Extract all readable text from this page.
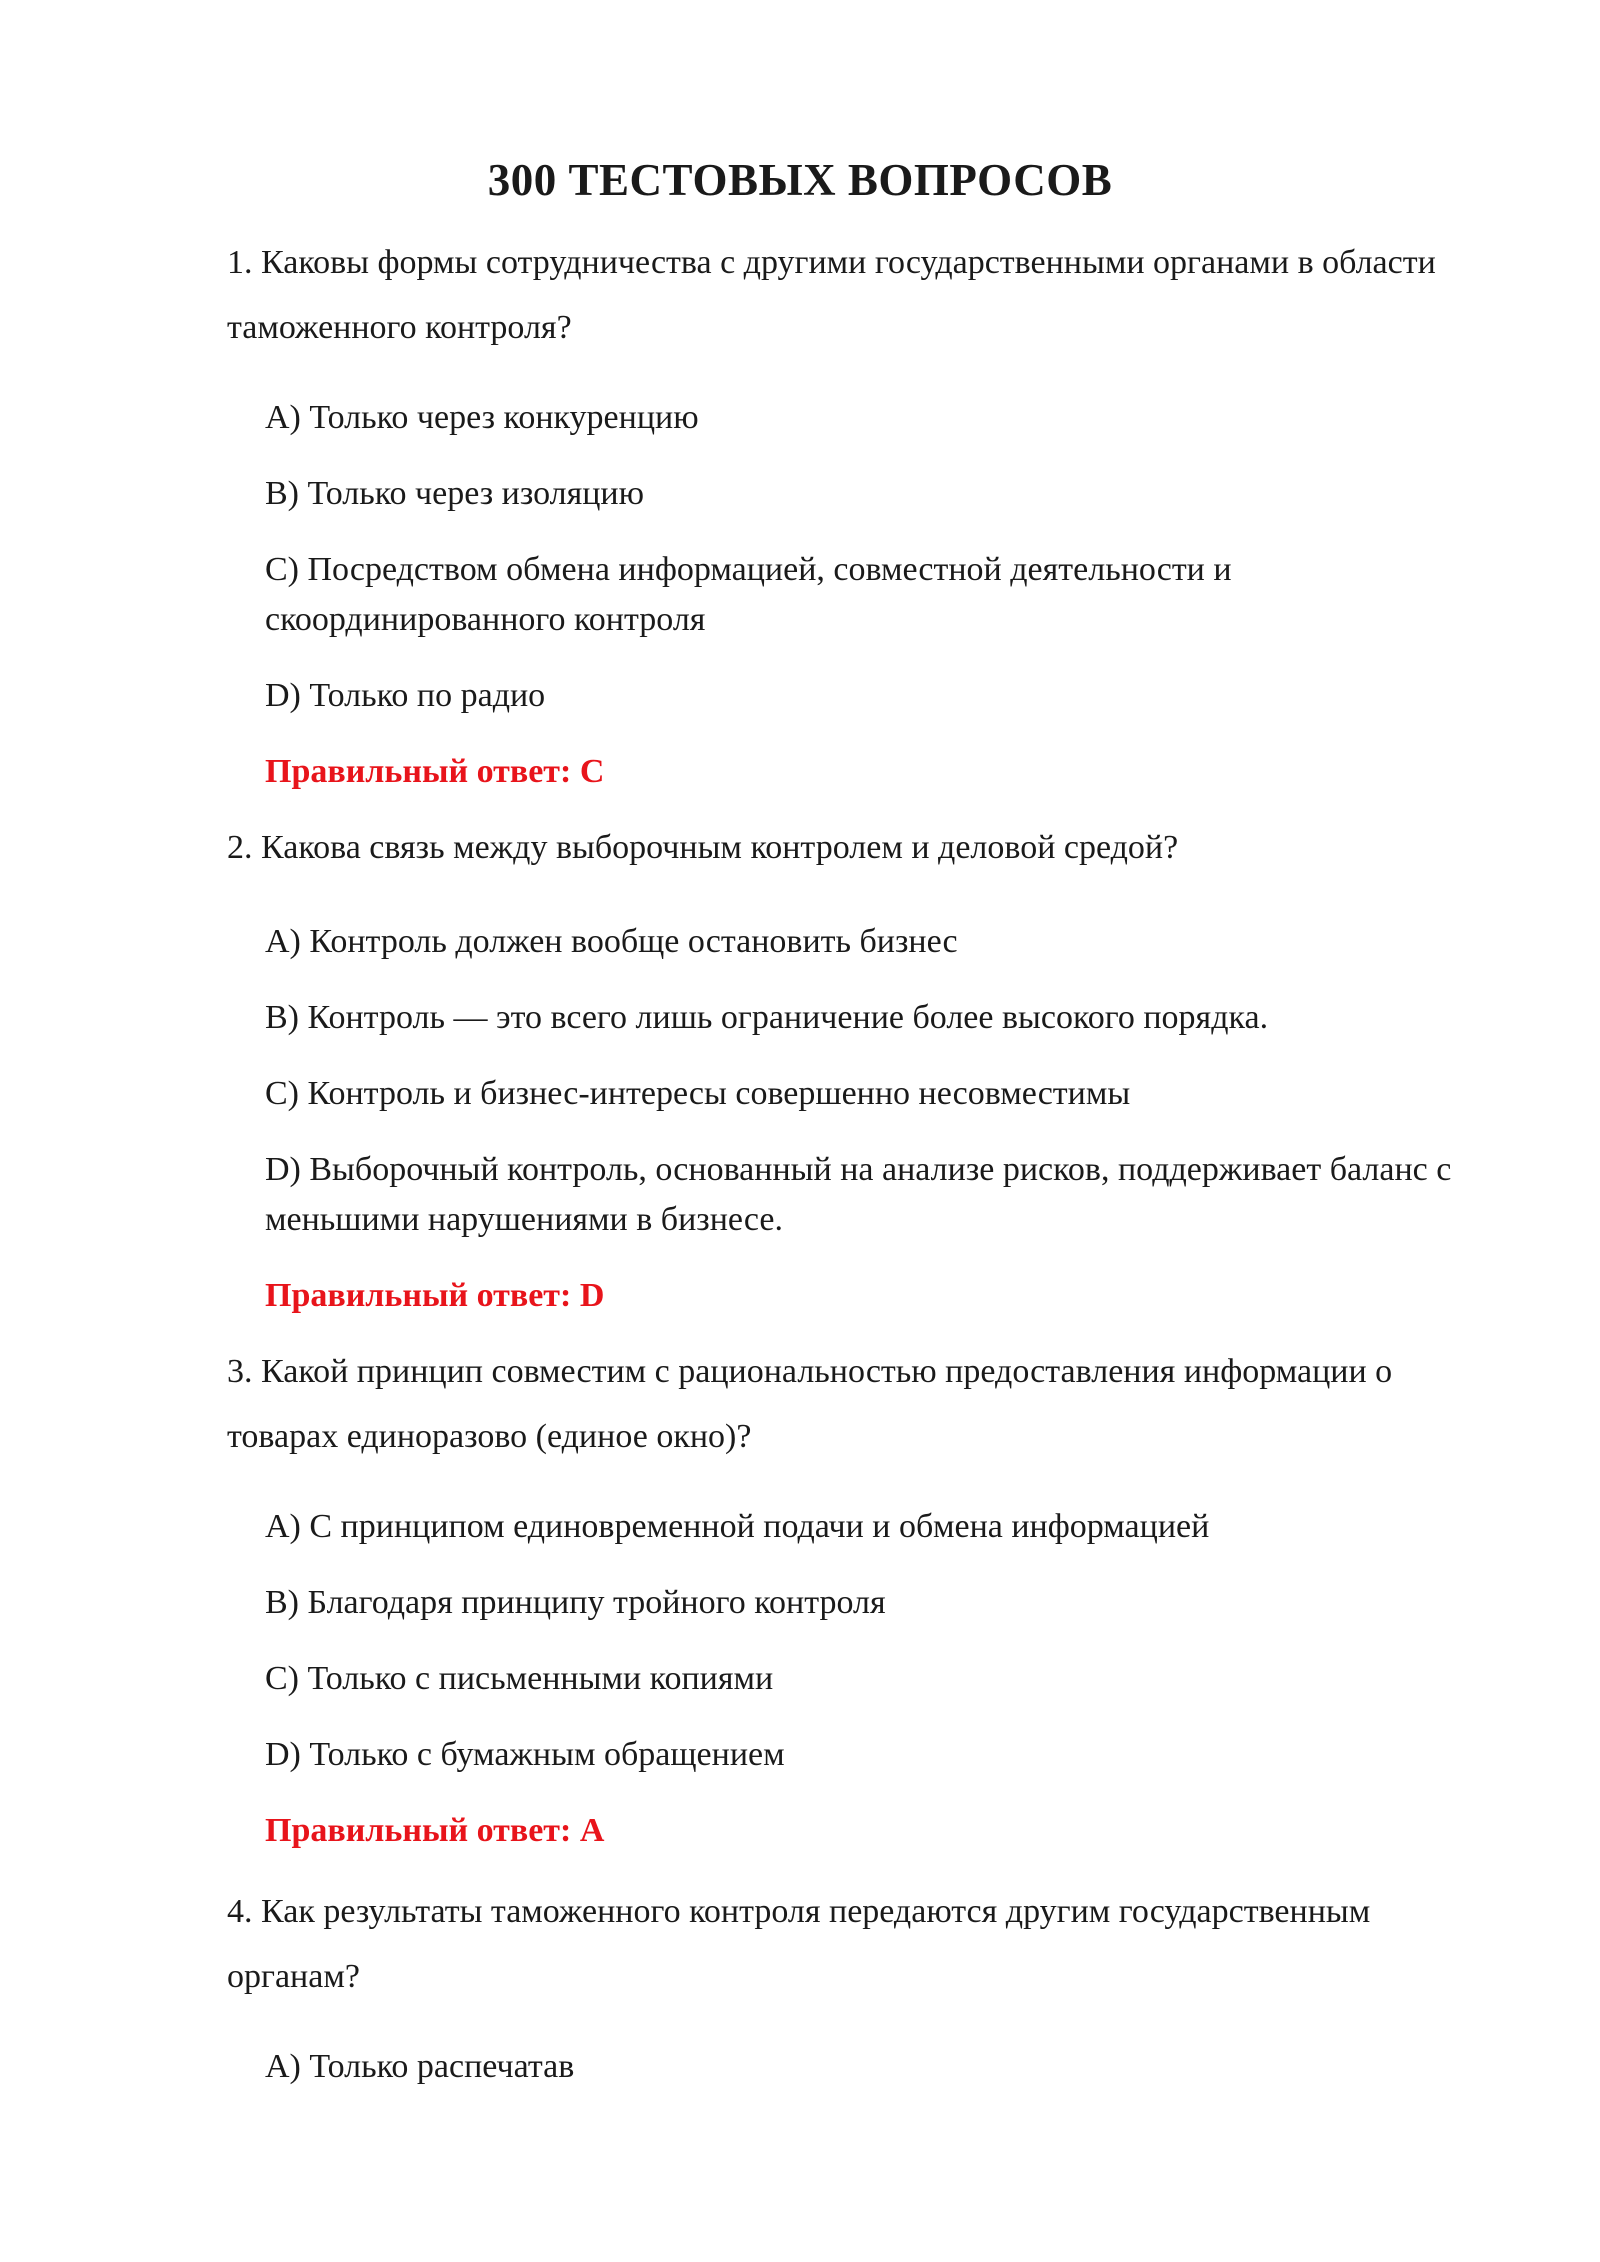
300 ТЕСТОВЫХ ВОПРОСОВ

1. Каковы формы сотрудничества с другими государственными органами в области таможенного контроля?

A) Только через конкуренцию

B) Только через изоляцию

C) Посредством обмена информацией, совместной деятельности и скоординированного контроля

D) Только по радио

Правильный ответ: C

2. Какова связь между выборочным контролем и деловой средой?

A) Контроль должен вообще остановить бизнес

B) Контроль — это всего лишь ограничение более высокого порядка.

C) Контроль и бизнес-интересы совершенно несовместимы

D) Выборочный контроль, основанный на анализе рисков, поддерживает баланс с меньшими нарушениями в бизнесе.

Правильный ответ: D

3. Какой принцип совместим с рациональностью предоставления информации о товарах единоразово (единое окно)?

A) С принципом единовременной подачи и обмена информацией

B) Благодаря принципу тройного контроля

C) Только с письменными копиями

D) Только с бумажным обращением

Правильный ответ: A

4. Как результаты таможенного контроля передаются другим государственным органам?

A) Только распечатав
